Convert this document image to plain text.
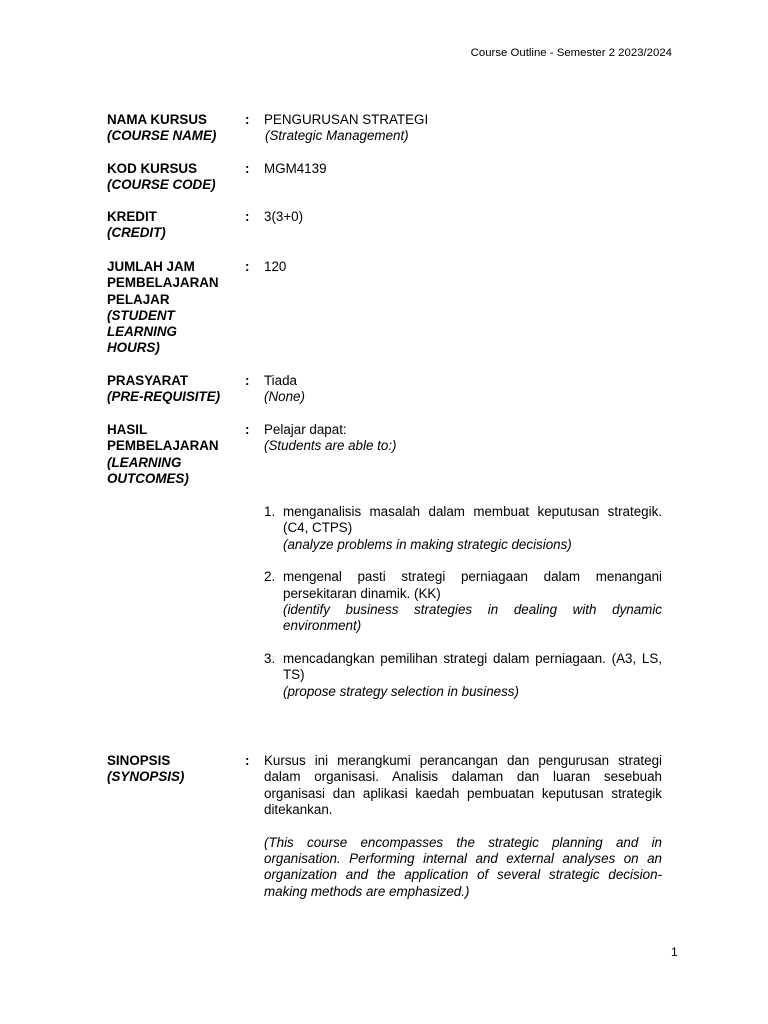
Course Outline - Semester 2 2023/2024
NAMA KURSUS
(COURSE NAME)
: PENGURUSAN STRATEGI
(Strategic Management)
KOD KURSUS
(COURSE CODE)
: MGM4139
KREDIT
(CREDIT)
: 3(3+0)
JUMLAH JAM PEMBELAJARAN PELAJAR
(STUDENT LEARNING HOURS)
: 120
PRASYARAT
(PRE-REQUISITE)
: Tiada
(None)
HASIL PEMBELAJARAN
(LEARNING OUTCOMES)
: Pelajar dapat:
(Students are able to:)
1. menganalisis masalah dalam membuat keputusan strategik. (C4, CTPS)
(analyze problems in making strategic decisions)
2. mengenal pasti strategi perniagaan dalam menangani persekitaran dinamik. (KK)
(identify business strategies in dealing with dynamic environment)
3. mencadangkan pemilihan strategi dalam perniagaan. (A3, LS, TS)
(propose strategy selection in business)
SINOPSIS
(SYNOPSIS)
: Kursus ini merangkumi perancangan dan pengurusan strategi dalam organisasi. Analisis dalaman dan luaran sesebuah organisasi dan aplikasi kaedah pembuatan keputusan strategik ditekankan.
(This course encompasses the strategic planning and in organisation. Performing internal and external analyses on an organization and the application of several strategic decision-making methods are emphasized.)
1
